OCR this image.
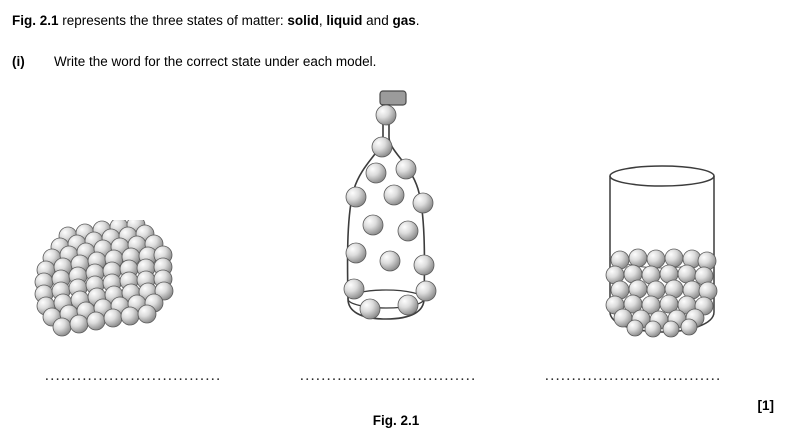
Fig. 2.1 represents the three states of matter: solid, liquid and gas.
(i) Write the word for the correct state under each model.
.................................	.................................	.................................
Fig. 2.1
[1]
